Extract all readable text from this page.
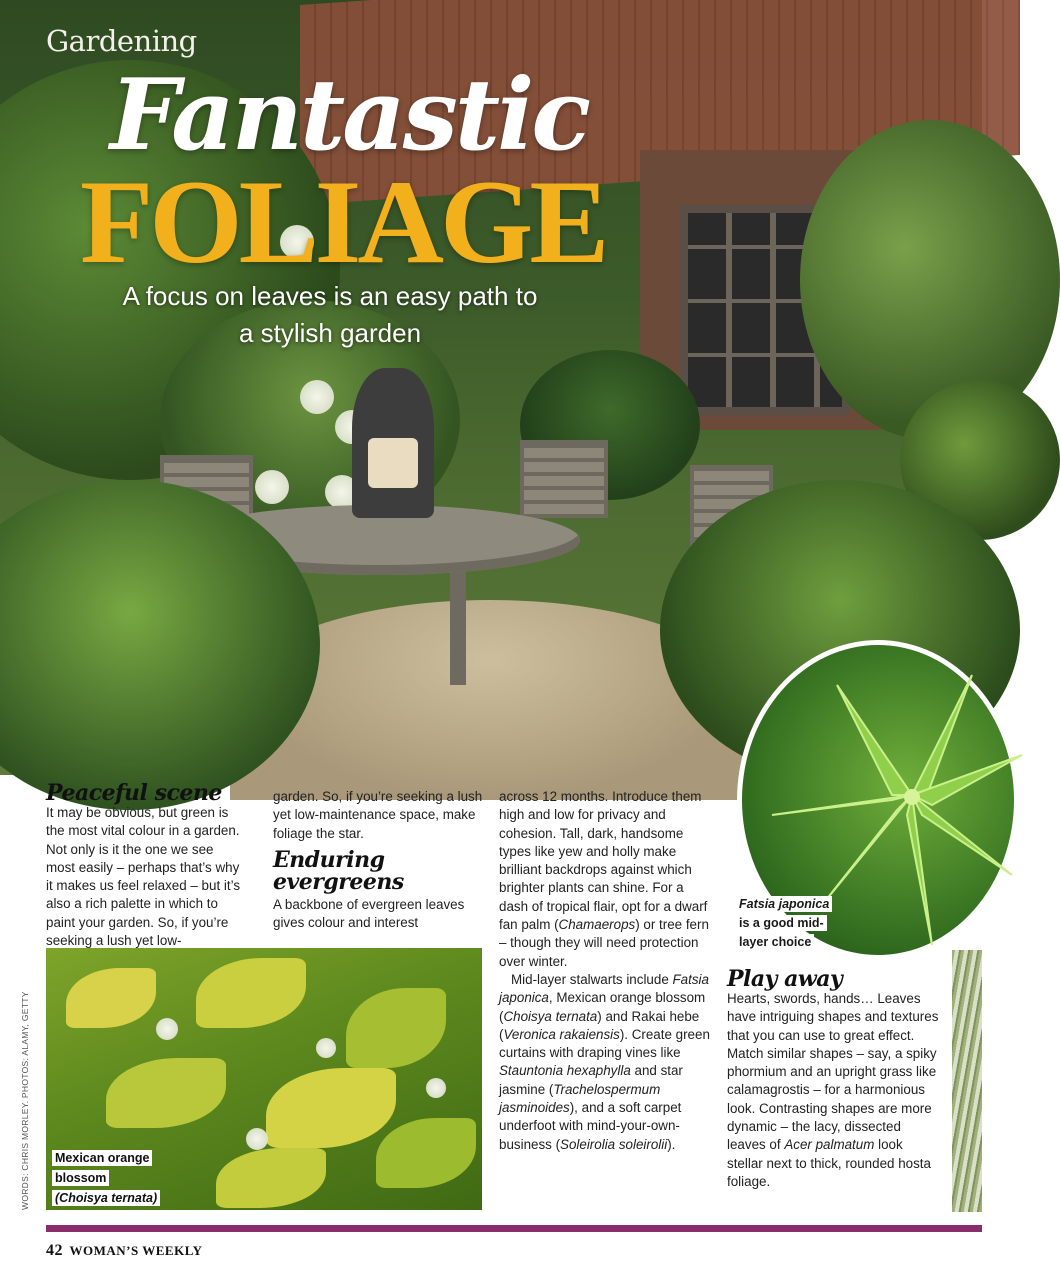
Gardening

Fantastic
FOLIAGE

A focus on leaves is an easy path to a stylish garden

Fatsia japonica
is a good mid-layer choice
Peaceful scene

It may be obvious, but green is the most vital colour in a garden. Not only is it the one we see most easily – perhaps that’s why it makes us feel relaxed – but it’s also a rich palette in which to paint your garden. So, if you’re seeking a lush yet low-

garden. So, if you’re seeking a lush yet low-maintenance space, make foliage the star.

Enduring evergreens

A backbone of evergreen leaves gives colour and interest

across 12 months. Introduce them high and low for privacy and cohesion. Tall, dark, handsome types like yew and holly make brilliant backdrops against which brighter plants can shine. For a dash of tropical flair, opt for a dwarf fan palm (Chamaerops) or tree fern – though they will need protection over winter.

Mid-layer stalwarts include Fatsia japonica, Mexican orange blossom (Choisya ternata) and Rakai hebe (Veronica rakaiensis). Create green curtains with draping vines like Stauntonia hexaphylla and star jasmine (Trachelospermum jasminoides), and a soft carpet underfoot with mind-your-own-business (Soleirolia soleirolii).

Play away

Hearts, swords, hands… Leaves have intriguing shapes and textures that you can use to great effect. Match similar shapes – say, a spiky phormium and an upright grass like calamagrostis – for a harmonious look. Contrasting shapes are more dynamic – the lacy, dissected leaves of Acer palmatum look stellar next to thick, rounded hosta foliage.

Mexican orange blossom
(Choisya ternata)
WORDS: CHRIS MORLEY. PHOTOS: ALAMY, GETTY
42 WOMAN’S WEEKLY
